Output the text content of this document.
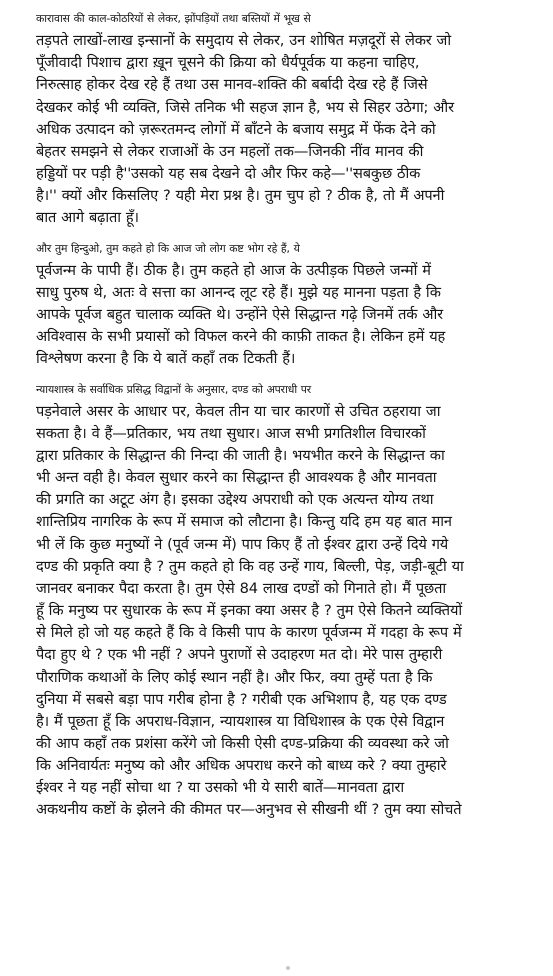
कारावास की काल-कोठरियों से लेकर, झोंपड़ियों तथा बस्तियों में भूख से
तड़पते लाखों-लाख इन्सानों के समुदाय से लेकर, उन शोषित मज़दूरों से लेकर जो
पूँजीवादी पिशाच द्वारा ख़ून चूसने की क्रिया को धैर्यपूर्वक या कहना चाहिए,
निरुत्साह होकर देख रहे हैं तथा उस मानव-शक्ति की बर्बादी देख रहे हैं जिसे
देखकर कोई भी व्यक्ति, जिसे तनिक भी सहज ज्ञान है, भय से सिहर उठेगा; और
अधिक उत्पादन को ज़रूरतमन्द लोगों में बाँटने के बजाय समुद्र में फेंक देने को
बेहतर समझने से लेकर राजाओं के उन महलों तक—जिनकी नींव मानव की
हड्डियों पर पड़ी है''उसको यह सब देखने दो और फिर कहे—''सबकुछ ठीक
है।'' क्यों और किसलिए ? यही मेरा प्रश्न है। तुम चुप हो ? ठीक है, तो मैं अपनी
बात आगे बढ़ाता हूँ।

और तुम हिन्दुओ, तुम कहते हो कि आज जो लोग कष्ट भोग रहे हैं, ये
पूर्वजन्म के पापी हैं। ठीक है। तुम कहते हो आज के उत्पीड़क पिछले जन्मों में
साधु पुरुष थे, अतः वे सत्ता का आनन्द लूट रहे हैं। मुझे यह मानना पड़ता है कि
आपके पूर्वज बहुत चालाक व्यक्ति थे। उन्होंने ऐसे सिद्धान्त गढ़े जिनमें तर्क और
अविश्वास के सभी प्रयासों को विफल करने की काफ़ी ताकत है। लेकिन हमें यह
विश्लेषण करना है कि ये बातें कहाँ तक टिकती हैं।

न्यायशास्त्र के सर्वाधिक प्रसिद्ध विद्वानों के अनुसार, दण्ड को अपराधी पर
पड़नेवाले असर के आधार पर, केवल तीन या चार कारणों से उचित ठहराया जा
सकता है। वे हैं—प्रतिकार, भय तथा सुधार। आज सभी प्रगतिशील विचारकों
द्वारा प्रतिकार के सिद्धान्त की निन्दा की जाती है। भयभीत करने के सिद्धान्त का
भी अन्त वही है। केवल सुधार करने का सिद्धान्त ही आवश्यक है और मानवता
की प्रगति का अटूट अंग है। इसका उद्देश्य अपराधी को एक अत्यन्त योग्य तथा
शान्तिप्रिय नागरिक के रूप में समाज को लौटाना है। किन्तु यदि हम यह बात मान
भी लें कि कुछ मनुष्यों ने (पूर्व जन्म में) पाप किए हैं तो ईश्वर द्वारा उन्हें दिये गये
दण्ड की प्रकृति क्या है ? तुम कहते हो कि वह उन्हें गाय, बिल्ली, पेड़, जड़ी-बूटी या
जानवर बनाकर पैदा करता है। तुम ऐसे 84 लाख दण्डों को गिनाते हो। मैं पूछता
हूँ कि मनुष्य पर सुधारक के रूप में इनका क्या असर है ? तुम ऐसे कितने व्यक्तियों
से मिले हो जो यह कहते हैं कि वे किसी पाप के कारण पूर्वजन्म में गदहा के रूप में
पैदा हुए थे ? एक भी नहीं ? अपने पुराणों से उदाहरण मत दो। मेरे पास तुम्हारी
पौराणिक कथाओं के लिए कोई स्थान नहीं है। और फिर, क्या तुम्हें पता है कि
दुनिया में सबसे बड़ा पाप गरीब होना है ? गरीबी एक अभिशाप है, यह एक दण्ड
है। मैं पूछता हूँ कि अपराध-विज्ञान, न्यायशास्त्र या विधिशास्त्र के एक ऐसे विद्वान
की आप कहाँ तक प्रशंसा करेंगे जो किसी ऐसी दण्ड-प्रक्रिया की व्यवस्था करे जो
कि अनिवार्यतः मनुष्य को और अधिक अपराध करने को बाध्य करे ? क्या तुम्हारे
ईश्वर ने यह नहीं सोचा था ? या उसको भी ये सारी बातें—मानवता द्वारा
अकथनीय कष्टों के झेलने की कीमत पर—अनुभव से सीखनी थीं ? तुम क्या सोचते
